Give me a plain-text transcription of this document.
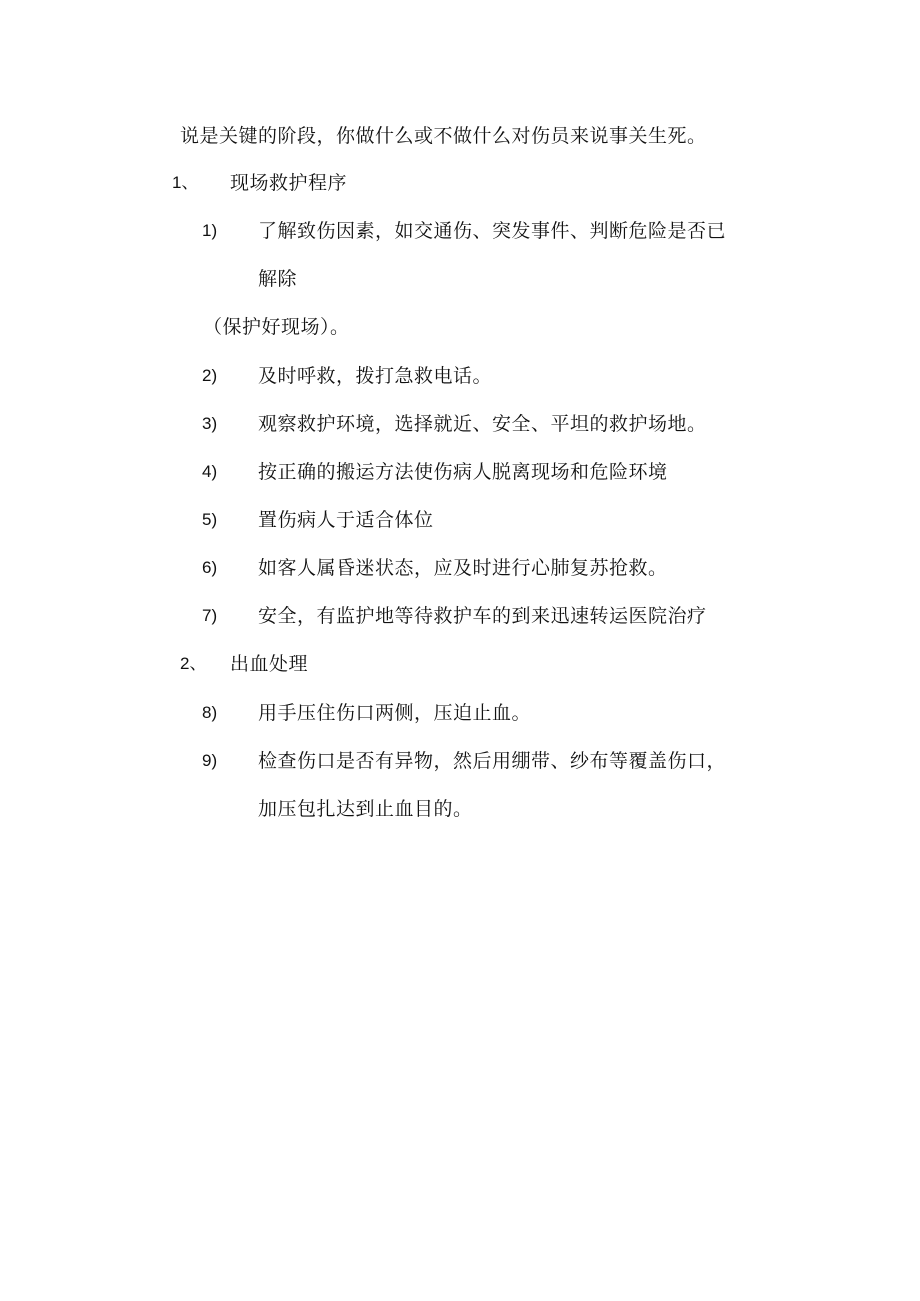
说是关键的阶段，你做什么或不做什么对伤员来说事关生死。
1、 现场救护程序
1) 了解致伤因素，如交通伤、突发事件、判断危险是否已
解除
（保护好现场）。
2) 及时呼救，拨打急救电话。
3) 观察救护环境，选择就近、安全、平坦的救护场地。
4) 按正确的搬运方法使伤病人脱离现场和危险环境
5) 置伤病人于适合体位
6) 如客人属昏迷状态，应及时进行心肺复苏抢救。
7) 安全，有监护地等待救护车的到来迅速转运医院治疗
2、 出血处理
8) 用手压住伤口两侧，压迫止血。
9) 检查伤口是否有异物，然后用绷带、纱布等覆盖伤口，
加压包扎达到止血目的。
